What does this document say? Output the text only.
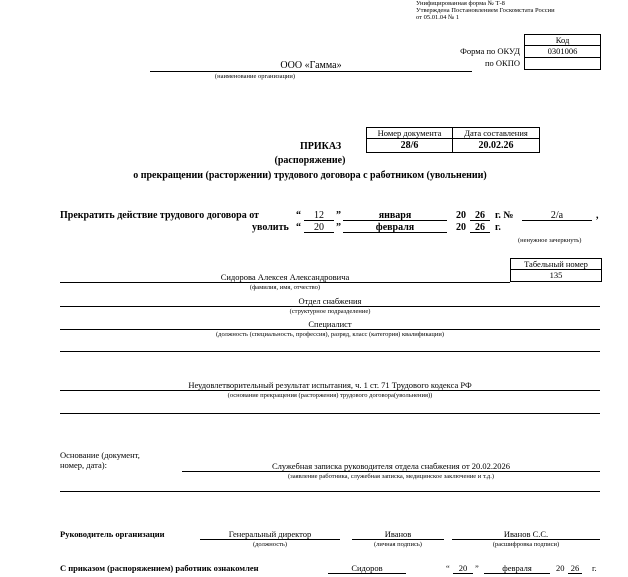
Унифицированная форма № Т-8
Утверждена Постановлением Госкомстата России
от 05.01.04 № 1
Код
0301006
Форма по ОКУД
по ОКПО
ООО «Гамма»
(наименование организации)
Номер документа	Дата составления
28/6	20.02.26
ПРИКАЗ
(распоряжение)
о прекращении (расторжении) трудового договора с работником (увольнении)
Прекратить действие трудового договора от	“	12	”	января	20 26	г. №	2/a	,
уволить “	20	”	февраля	20 26	г.
(ненужное зачеркнуть)
Табельный номер
135
Сидорова Алексея Александровича
(фамилия, имя, отчество)
Отдел снабжения
(структурное подразделение)
Специалист
(должность (специальность, профессия), разряд, класс (категория) квалификации)
Неудовлетворительный результат испытания, ч. 1 ст. 71 Трудового кодекса РФ
(основание прекращения (расторжения) трудового договора(увольнения))
Основание (документ,
номер, дата):	Служебная записка руководителя отдела снабжения от 20.02.2026
(заявление работника, служебная записка, медицинское заключение и т.д.)
Руководитель организации	Генеральный директор
(должность)
Иванов
(личная подпись)
Иванов С.С.
(расшифровка подписи)
С приказом (распоряжением) работник ознакомлен	Сидоров	“	20 ”	февраля	20 26	г.
